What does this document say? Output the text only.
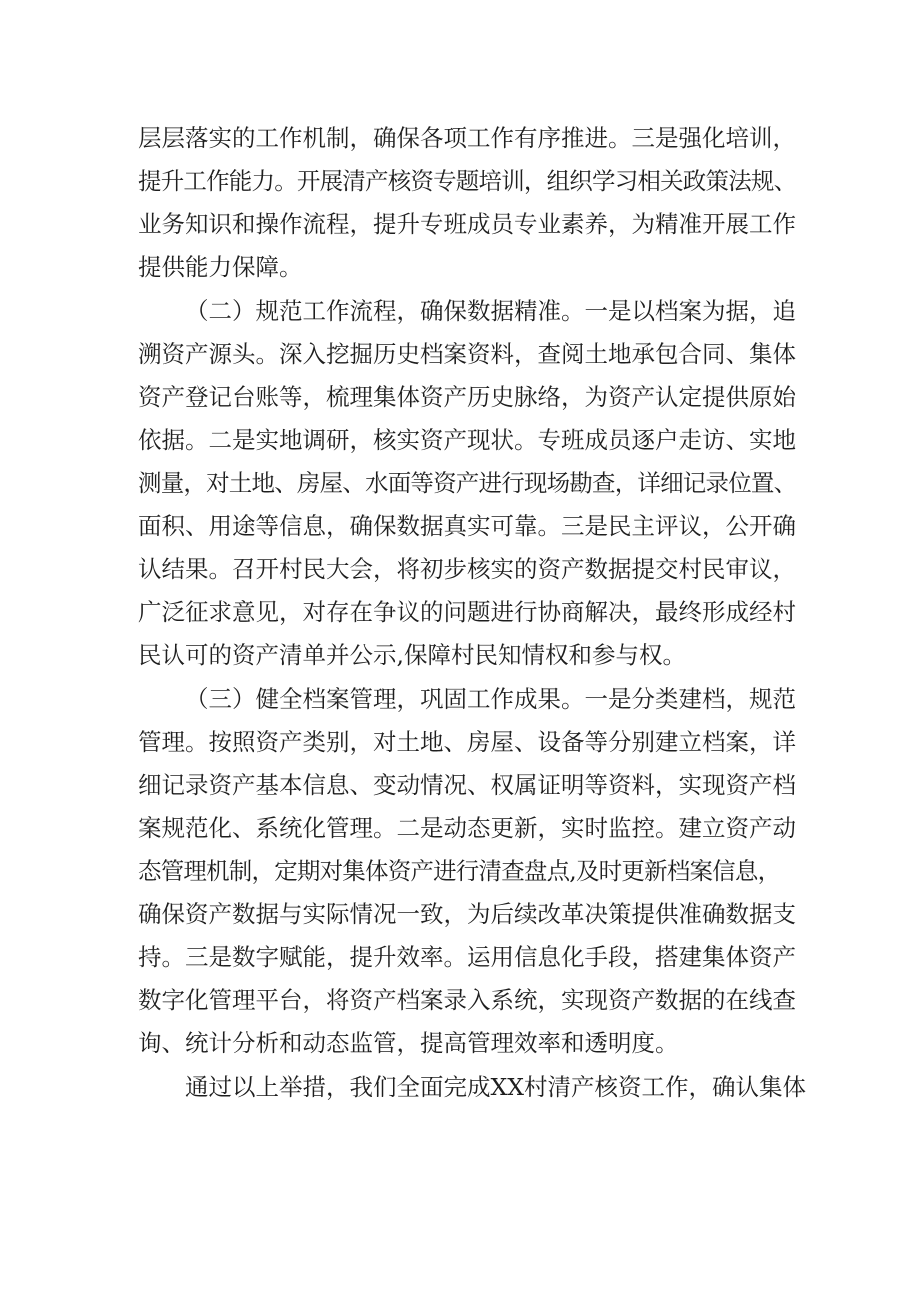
层层落实的工作机制，确保各项工作有序推进。三是强化培训，
提升工作能力。开展清产核资专题培训，组织学习相关政策法规、
业务知识和操作流程，提升专班成员专业素养，为精准开展工作
提供能力保障。
（二）规范工作流程，确保数据精准。一是以档案为据，追
溯资产源头。深入挖掘历史档案资料，查阅土地承包合同、集体
资产登记台账等，梳理集体资产历史脉络，为资产认定提供原始
依据。二是实地调研，核实资产现状。专班成员逐户走访、实地
测量，对土地、房屋、水面等资产进行现场勘查，详细记录位置、
面积、用途等信息，确保数据真实可靠。三是民主评议，公开确
认结果。召开村民大会，将初步核实的资产数据提交村民审议，
广泛征求意见，对存在争议的问题进行协商解决，最终形成经村
民认可的资产清单并公示,保障村民知情权和参与权。
（三）健全档案管理，巩固工作成果。一是分类建档，规范
管理。按照资产类别，对土地、房屋、设备等分别建立档案，详
细记录资产基本信息、变动情况、权属证明等资料，实现资产档
案规范化、系统化管理。二是动态更新，实时监控。建立资产动
态管理机制，定期对集体资产进行清查盘点,及时更新档案信息，
确保资产数据与实际情况一致，为后续改革决策提供准确数据支
持。三是数字赋能，提升效率。运用信息化手段，搭建集体资产
数字化管理平台，将资产档案录入系统，实现资产数据的在线查
询、统计分析和动态监管，提高管理效率和透明度。
通过以上举措，我们全面完成XX村清产核资工作，确认集体
